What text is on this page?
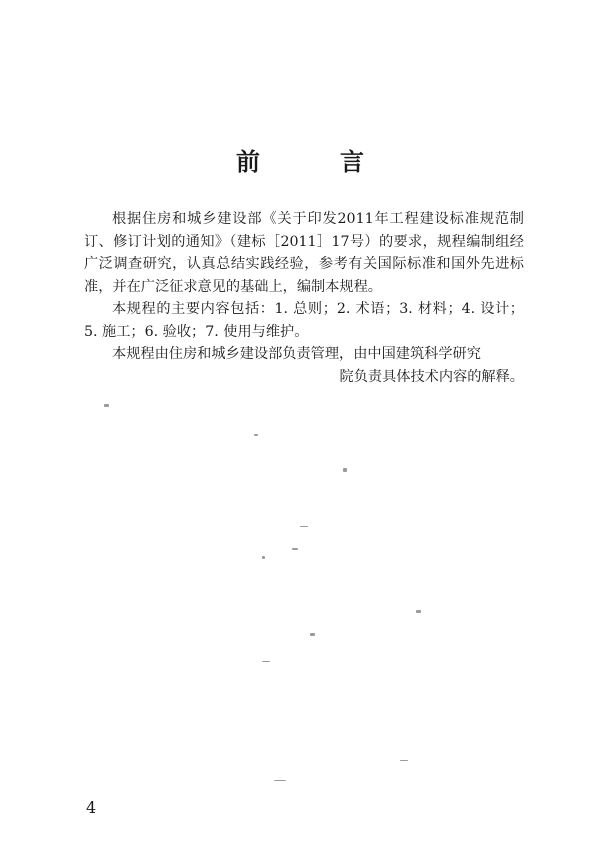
前　言
根据住房和城乡建设部《关于印发2011年工程建设标准规范制订、修订计划的通知》（建标［2011］17号）的要求，规程编制组经广泛调查研究，认真总结实践经验，参考有关国际标准和国外先进标准，并在广泛征求意见的基础上，编制本规程。
本规程的主要内容包括：1. 总则；2. 术语；3. 材料；4. 设计；5. 施工；6. 验收；7. 使用与维护。
本规程由住房和城乡建设部负责管理，由中国建筑科学研究
院负责具体技术内容的解释。
4
